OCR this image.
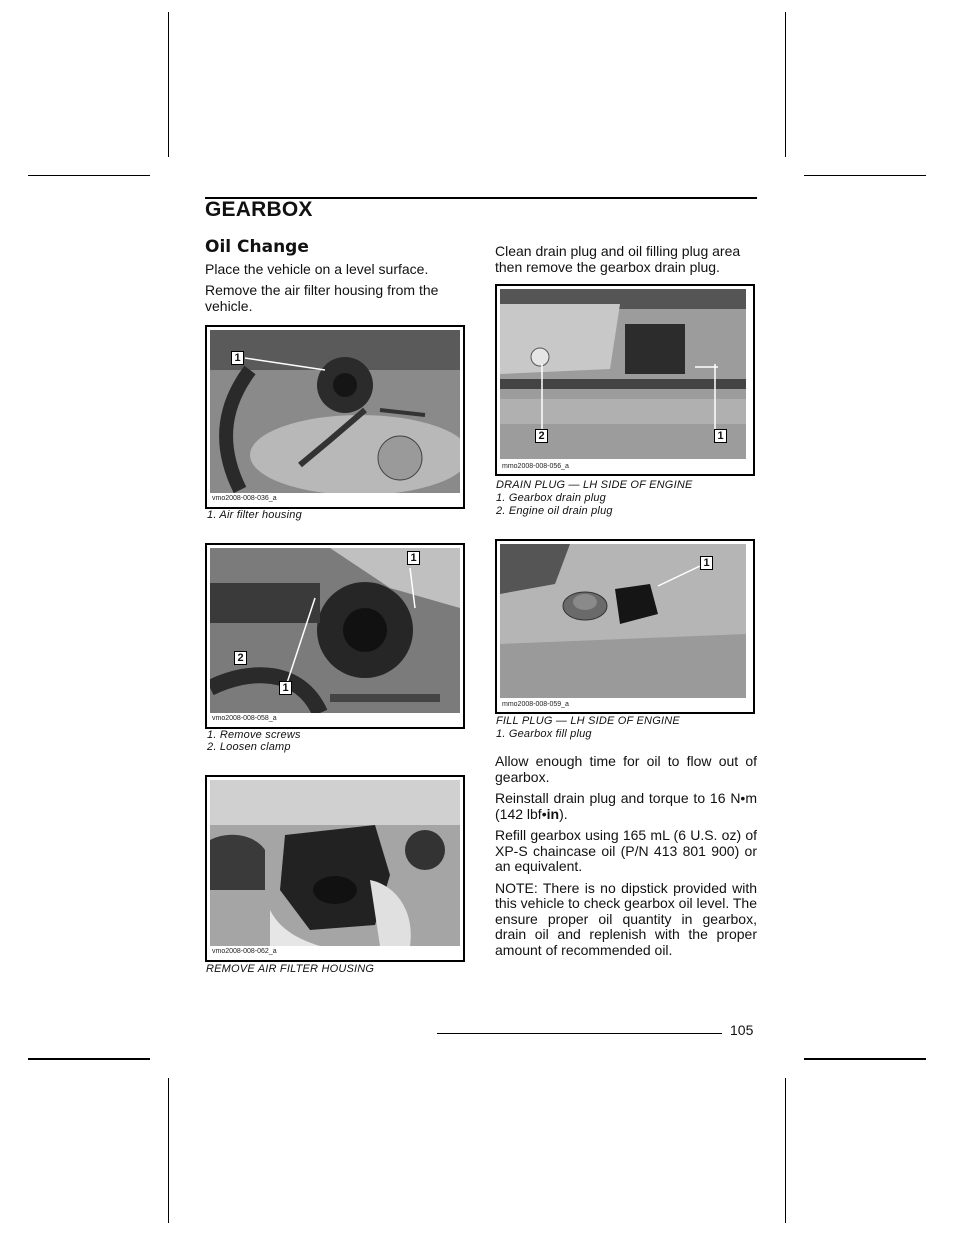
GEARBOX
Oil Change

Place the vehicle on a level surface.

Remove the air filter housing from the vehicle.

Clean drain plug and oil filling plug area then remove the gearbox drain plug.

1
vmo2008-008-036_a
1. Air filter housing
1
2
1
vmo2008-008-058_a
1. Remove screws
2. Loosen clamp
vmo2008-008-062_a
REMOVE AIR FILTER HOUSING
2	1
mmo2008-008-056_a
DRAIN PLUG — LH SIDE OF ENGINE
1. Gearbox drain plug
2. Engine oil drain plug
1
mmo2008-008-059_a
FILL PLUG — LH SIDE OF ENGINE
1. Gearbox fill plug

Allow enough time for oil to flow out of gearbox.

Reinstall drain plug and torque to 16 N•m (142 lbf•in).

Refill gearbox using 165 mL (6 U.S. oz) of XP-S chaincase oil (P/N 413 801 900) or an equivalent.

NOTE: There is no dipstick provided with this vehicle to check gearbox oil level. The ensure proper oil quantity in gearbox, drain oil and replenish with the proper amount of recommended oil.

105
